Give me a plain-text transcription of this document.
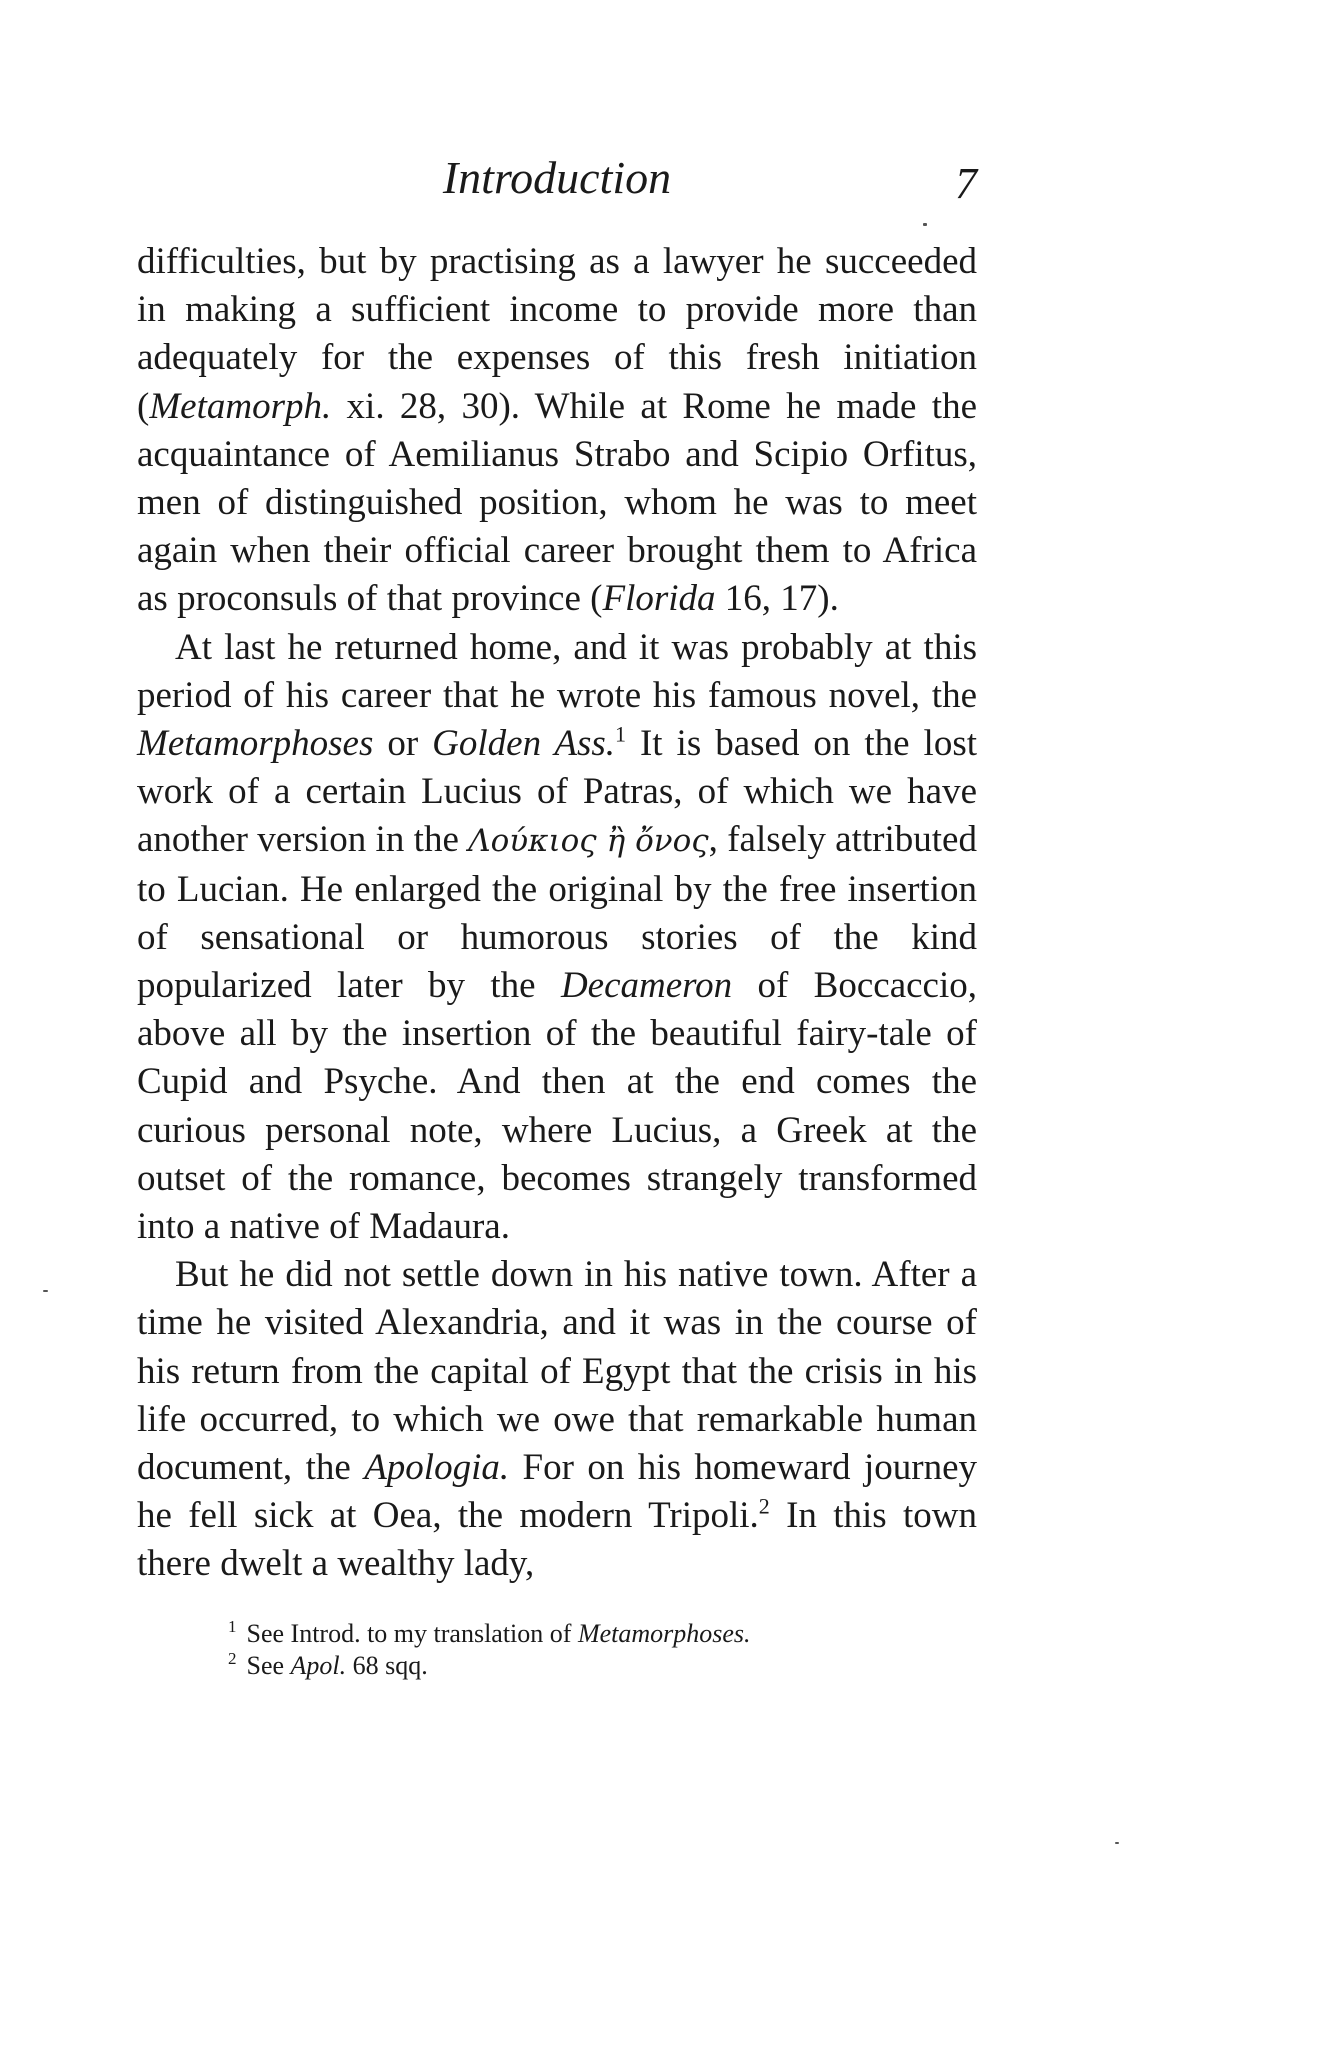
Introduction	7

difficulties, but by practising as a lawyer he succeeded in making a sufficient income to provide more than adequately for the expenses of this fresh initiation (Metamorph. xi. 28, 30). While at Rome he made the acquaintance of Aemilianus Strabo and Scipio Orfitus, men of distinguished position, whom he was to meet again when their official career brought them to Africa as proconsuls of that province (Florida 16, 17).

At last he returned home, and it was probably at this period of his career that he wrote his famous novel, the Metamorphoses or Golden Ass.$^1$ It is based on the lost work of a certain Lucius of Patras, of which we have another version in the Λούκιος ἢ ὄνος, falsely attributed to Lucian. He enlarged the original by the free insertion of sensational or humorous stories of the kind popularized later by the Decameron of Boccaccio, above all by the insertion of the beautiful fairy-tale of Cupid and Psyche. And then at the end comes the curious personal note, where Lucius, a Greek at the outset of the romance, becomes strangely transformed into a native of Madaura.

But he did not settle down in his native town. After a time he visited Alexandria, and it was in the course of his return from the capital of Egypt that the crisis in his life occurred, to which we owe that remarkable human document, the Apologia. For on his homeward journey he fell sick at Oea, the modern Tripoli.$^2$ In this town there dwelt a wealthy lady,

$^1$ See Introd. to my translation of Metamorphoses.

$^2$ See Apol. 68 sqq.
